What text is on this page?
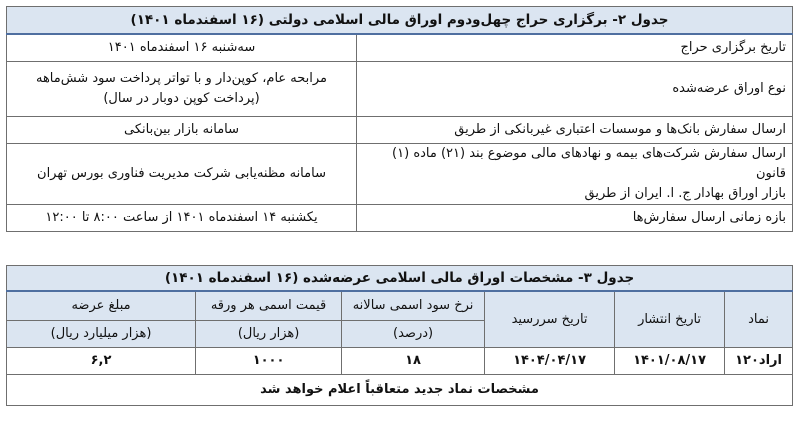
جدول ۲- برگزاری حراج چهل‌ودوم اوراق مالی اسلامی دولتی (۱۶ اسفندماه ۱۴۰۱)	

تاریخ برگزاری حراج	سه‌شنبه ۱۶ اسفندماه ۱۴۰۱

نوع اوراق عرضه‌شده	مرابحه عام، کوپن‌دار و با تواتر پرداخت سود شش‌ماهه
(پرداخت کوپن دوبار در سال)

ارسال سفارش بانک‌ها و موسسات اعتباری غیربانکی از طریق	سامانه بازار بین‌بانکی

ارسال سفارش شرکت‌های بیمه و نهادهای مالی موضوع بند (۲۱) ماده (۱) قانون
بازار اوراق بهادار ج. ا. ایران از طریق	سامانه مظنه‌یابی شرکت مدیریت فناوری بورس تهران

بازه زمانی ارسال سفارش‌ها	یکشنبه ۱۴ اسفندماه ۱۴۰۱ از ساعت ۸:۰۰ تا ۱۲:۰۰
جدول ۳- مشخصات اوراق مالی اسلامی عرضه‌شده (۱۶ اسفندماه ۱۴۰۱)					
نماد	تاریخ انتشار	تاریخ سررسید	نرخ سود اسمی سالانه	قیمت اسمی هر ورقه	مبلغ عرضه
			(درصد)	(هزار ریال)	(هزار میلیارد ریال)
اراد۱۲۰	۱۴۰۱/۰۸/۱۷	۱۴۰۴/۰۴/۱۷	۱۸	۱۰۰۰	۶,۲
مشخصات نماد جدید متعاقباً اعلام خواهد شد					
